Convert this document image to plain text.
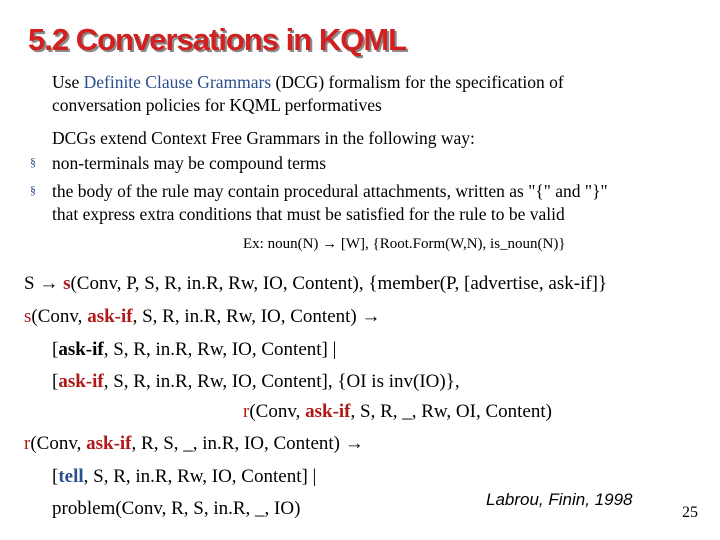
5.2 Conversations in KQML
Use Definite Clause Grammars (DCG) formalism for the specification of
conversation policies for KQML performatives
DCGs extend Context Free Grammars in the following way:
§ non-terminals may be compound terms
§ the body of the rule may contain procedural attachments, written as "{" and "}"
that express extra conditions that must be satisfied for the rule to be valid
Ex: noun(N) → [W], {Root.Form(W,N), is_noun(N)}
S → s(Conv, P, S, R, in.R, Rw, IO, Content), {member(P, [advertise, ask-if]}
s(Conv, ask-if, S, R, in.R, Rw, IO, Content) →
[ask-if, S, R, in.R, Rw, IO, Content] |
[ask-if, S, R, in.R, Rw, IO, Content], {OI is inv(IO)},
r(Conv, ask-if, S, R, _, Rw, OI, Content)
r(Conv, ask-if, R, S, _, in.R, IO, Content) →
[tell, S, R, in.R, Rw, IO, Content] |
problem(Conv, R, S, in.R, _, IO)	Labrou, Finin, 1998
25
